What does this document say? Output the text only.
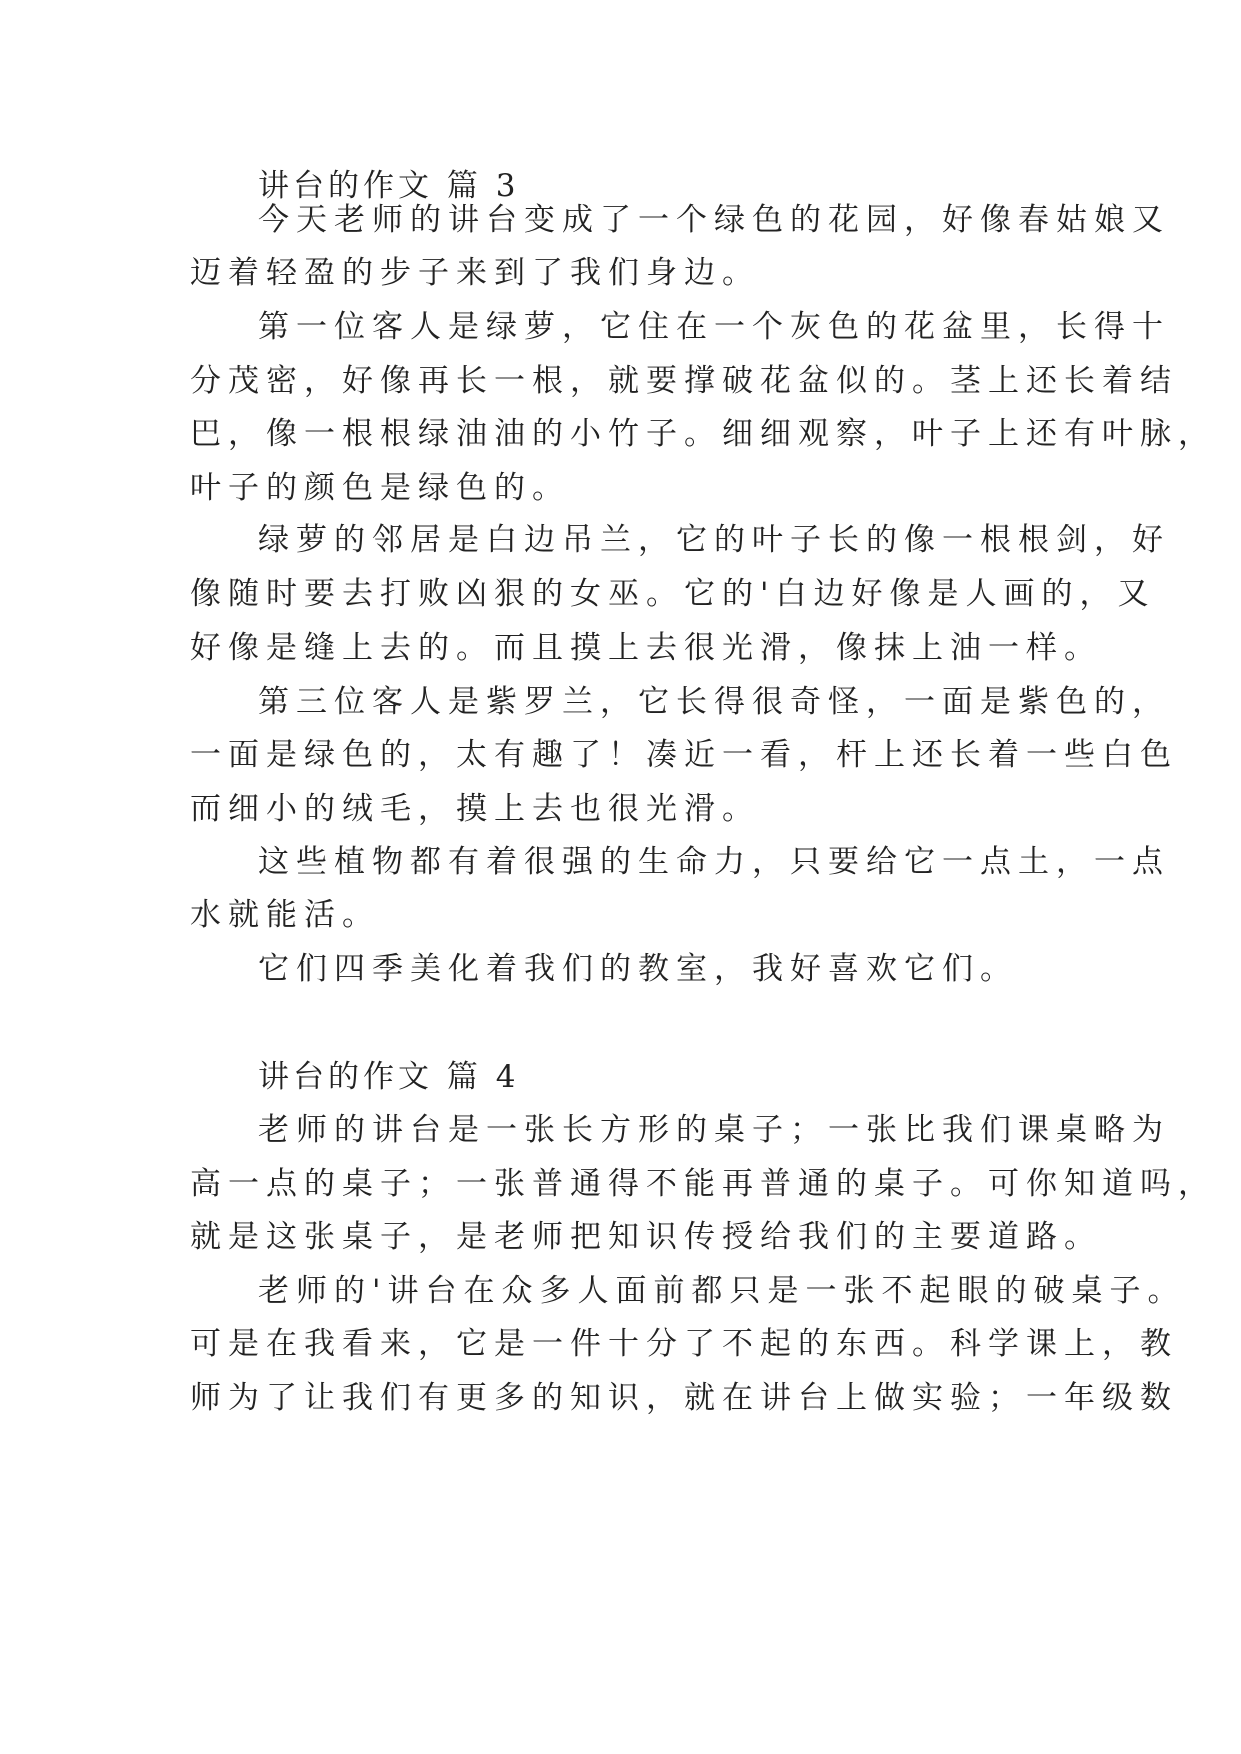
讲台的作文 篇 3
今天老师的讲台变成了一个绿色的花园，好像春姑娘又
迈着轻盈的步子来到了我们身边。
第一位客人是绿萝，它住在一个灰色的花盆里，长得十
分茂密，好像再长一根，就要撑破花盆似的。茎上还长着结
巴，像一根根绿油油的小竹子。细细观察，叶子上还有叶脉，
叶子的颜色是绿色的。
绿萝的邻居是白边吊兰，它的叶子长的像一根根剑，好
像随时要去打败凶狠的女巫。它的'白边好像是人画的，又
好像是缝上去的。而且摸上去很光滑，像抹上油一样。
第三位客人是紫罗兰，它长得很奇怪，一面是紫色的，
一面是绿色的，太有趣了！凑近一看，杆上还长着一些白色
而细小的绒毛，摸上去也很光滑。
这些植物都有着很强的生命力，只要给它一点土，一点
水就能活。
它们四季美化着我们的教室，我好喜欢它们。
讲台的作文 篇 4
老师的讲台是一张长方形的桌子；一张比我们课桌略为
高一点的桌子；一张普通得不能再普通的桌子。可你知道吗，
就是这张桌子，是老师把知识传授给我们的主要道路。
老师的'讲台在众多人面前都只是一张不起眼的破桌子。
可是在我看来，它是一件十分了不起的东西。科学课上，教
师为了让我们有更多的知识，就在讲台上做实验；一年级数
